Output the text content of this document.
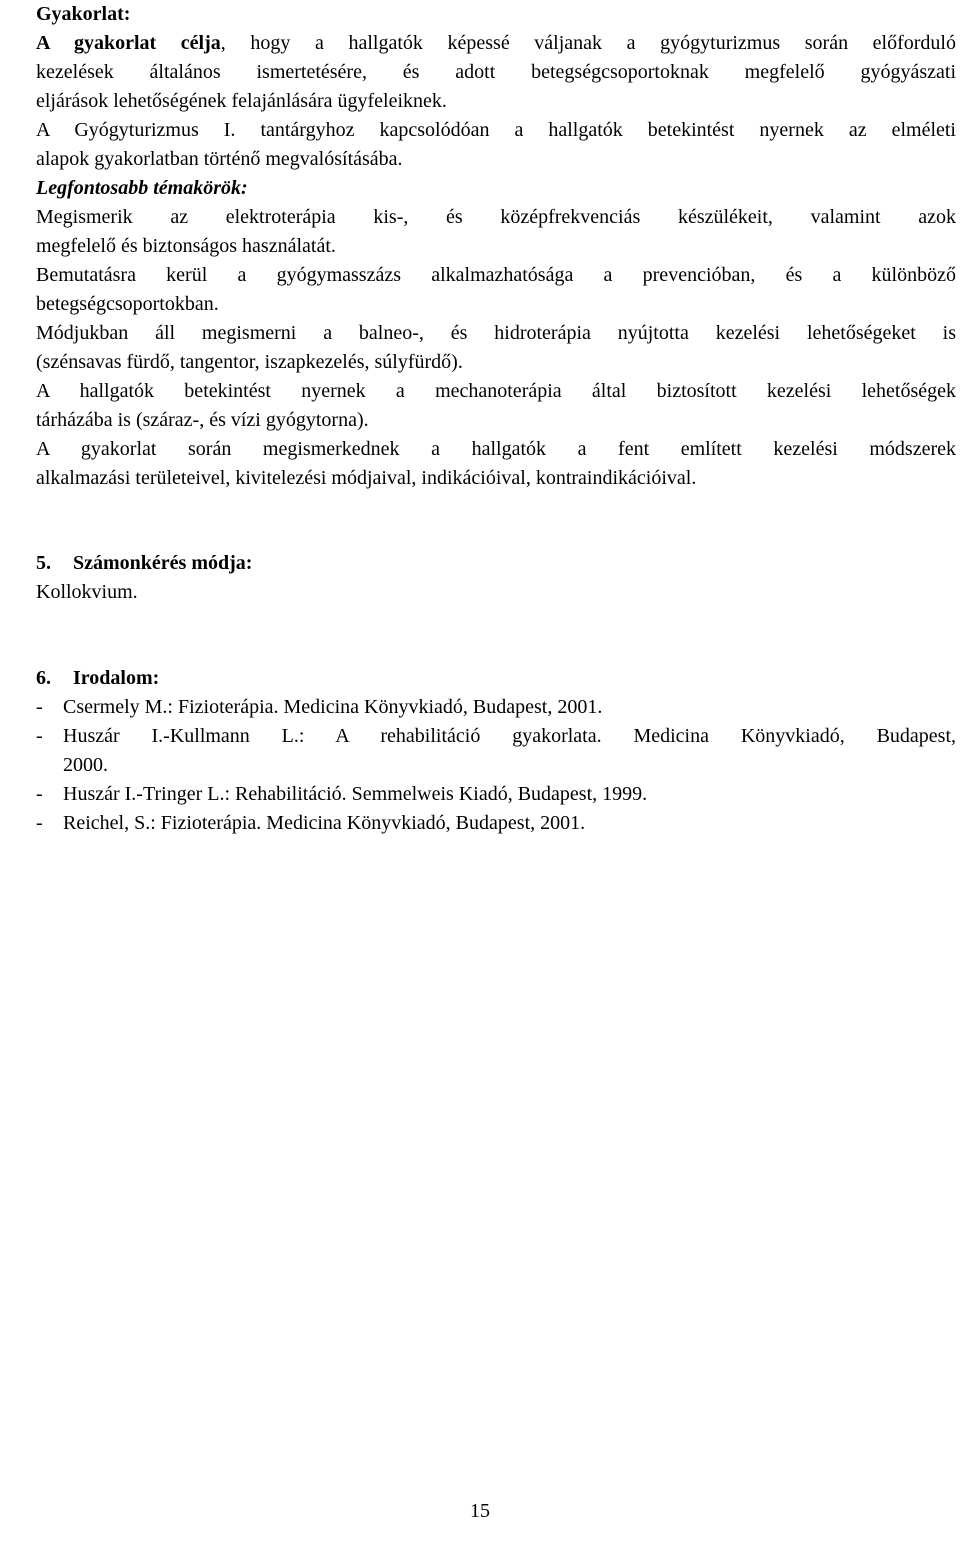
Gyakorlat:
A gyakorlat célja, hogy a hallgatók képessé váljanak a gyógyturizmus során előforduló
kezelések általános ismertetésére, és adott betegségcsoportoknak megfelelő gyógyászati
eljárások lehetőségének felajánlására ügyfeleiknek.
A Gyógyturizmus I. tantárgyhoz kapcsolódóan a hallgatók betekintést nyernek az elméleti
alapok gyakorlatban történő megvalósításába.
Legfontosabb témakörök:
Megismerik az elektroterápia kis-, és középfrekvenciás készülékeit, valamint azok
megfelelő és biztonságos használatát.
Bemutatásra kerül a gyógymasszázs alkalmazhatósága a prevencióban, és a különböző
betegségcsoportokban.
Módjukban áll megismerni a balneo-, és hidroterápia nyújtotta kezelési lehetőségeket is
(szénsavas fürdő, tangentor, iszapkezelés, súlyfürdő).
A hallgatók betekintést nyernek a mechanoterápia által biztosított kezelési lehetőségek
tárházába is (száraz-, és vízi gyógytorna).
A gyakorlat során megismerkednek a hallgatók a fent említett kezelési módszerek
alkalmazási területeivel, kivitelezési módjaival, indikációival, kontraindikációival.
5. Számonkérés módja:
Kollokvium.
6. Irodalom:
- Csermely M.: Fizioterápia. Medicina Könyvkiadó, Budapest, 2001.
- Huszár I.-Kullmann L.: A rehabilitáció gyakorlata. Medicina Könyvkiadó, Budapest,
2000.
- Huszár I.-Tringer L.: Rehabilitáció. Semmelweis Kiadó, Budapest, 1999.
- Reichel, S.: Fizioterápia. Medicina Könyvkiadó, Budapest, 2001.
15
